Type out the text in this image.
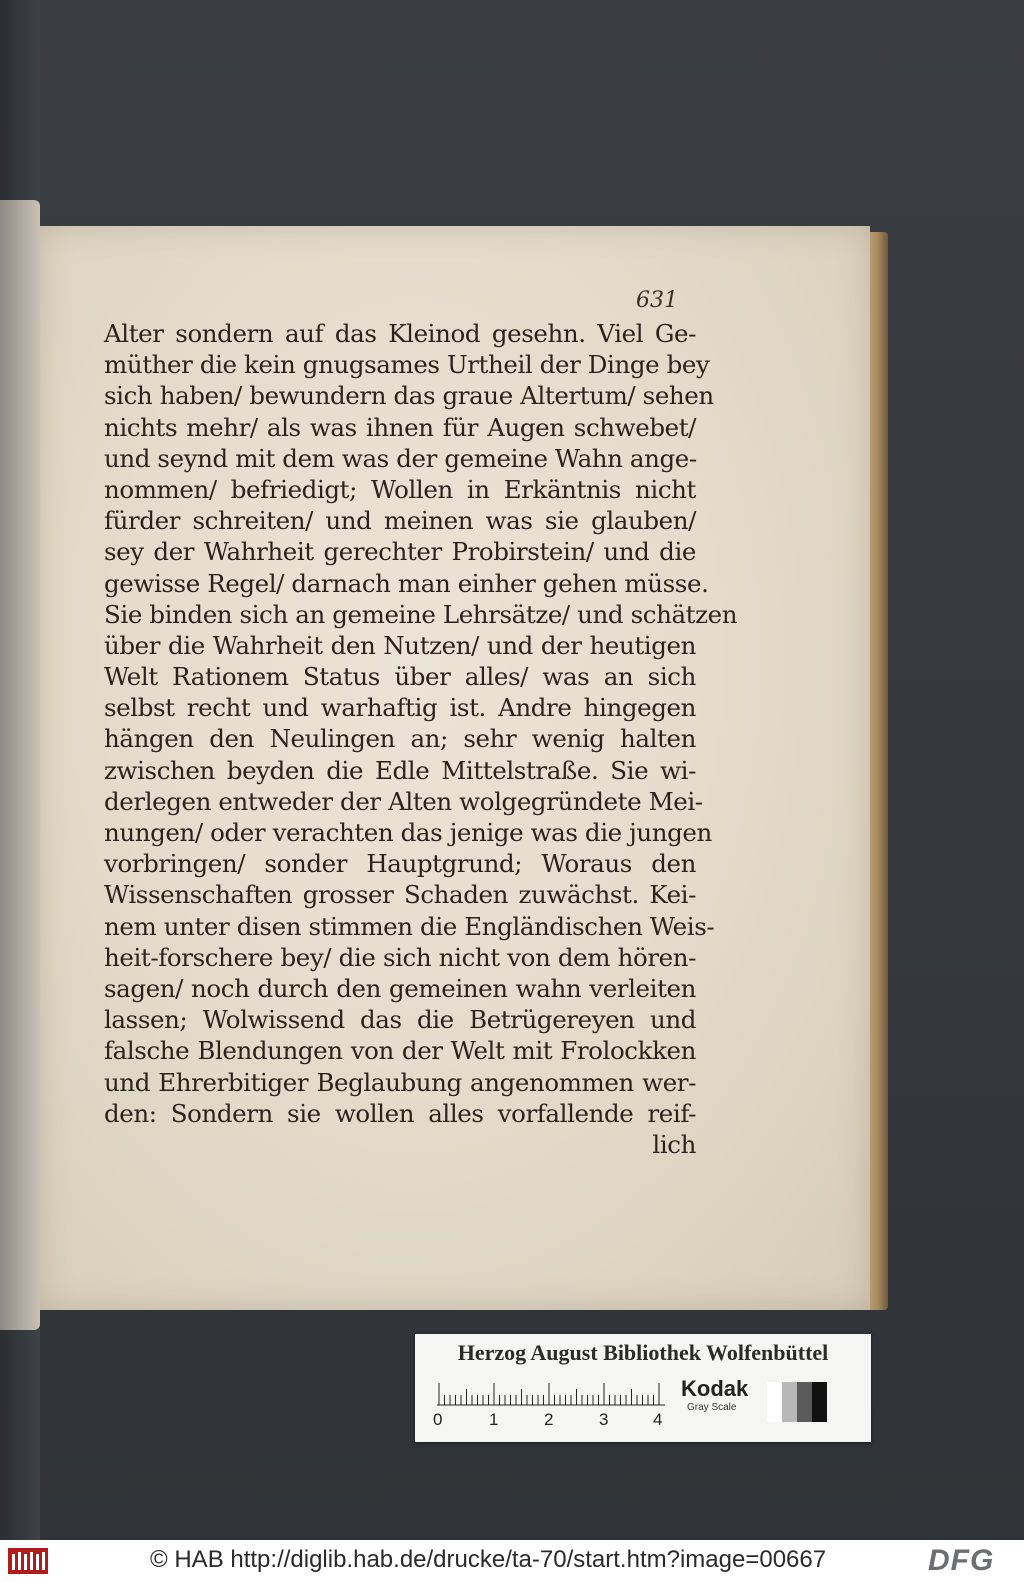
631
Alter sondern auf das Kleinod gesehn. Viel Ge-
müther die kein gnugsames Urtheil der Dinge bey
sich haben/ bewundern das graue Altertum/ sehen
nichts mehr/ als was ihnen für Augen schwebet/
und seynd mit dem was der gemeine Wahn ange-
nommen/ befriedigt; Wollen in Erkäntnis nicht
fürder schreiten/ und meinen was sie glauben/
sey der Wahrheit gerechter Probirstein/ und die
gewisse Regel/ darnach man einher gehen müsse.
Sie binden sich an gemeine Lehrsätze/ und schätzen
über die Wahrheit den Nutzen/ und der heutigen
Welt Rationem Status über alles/ was an sich
selbst recht und warhaftig ist. Andre hingegen
hängen den Neulingen an; sehr wenig halten
zwischen beyden die Edle Mittelstraße. Sie wi-
derlegen entweder der Alten wolgegründete Mei-
nungen/ oder verachten das jenige was die jungen
vorbringen/ sonder Hauptgrund; Woraus den
Wissenschaften grosser Schaden zuwächst. Kei-
nem unter disen stimmen die Engländischen Weis-
heit-forschere bey/ die sich nicht von dem hören-
sagen/ noch durch den gemeinen wahn verleiten
lassen; Wolwissend das die Betrügereyen und
falsche Blendungen von der Welt mit Frolockken
und Ehrerbitiger Beglaubung angenommen wer-
den: Sondern sie wollen alles vorfallende reif-
lich
Herzog August Bibliothek Wolfenbüttel
0	1	2	3	4
Kodak
Gray Scale
© HAB http://diglib.hab.de/drucke/ta-70/start.htm?image=00667	DFG
